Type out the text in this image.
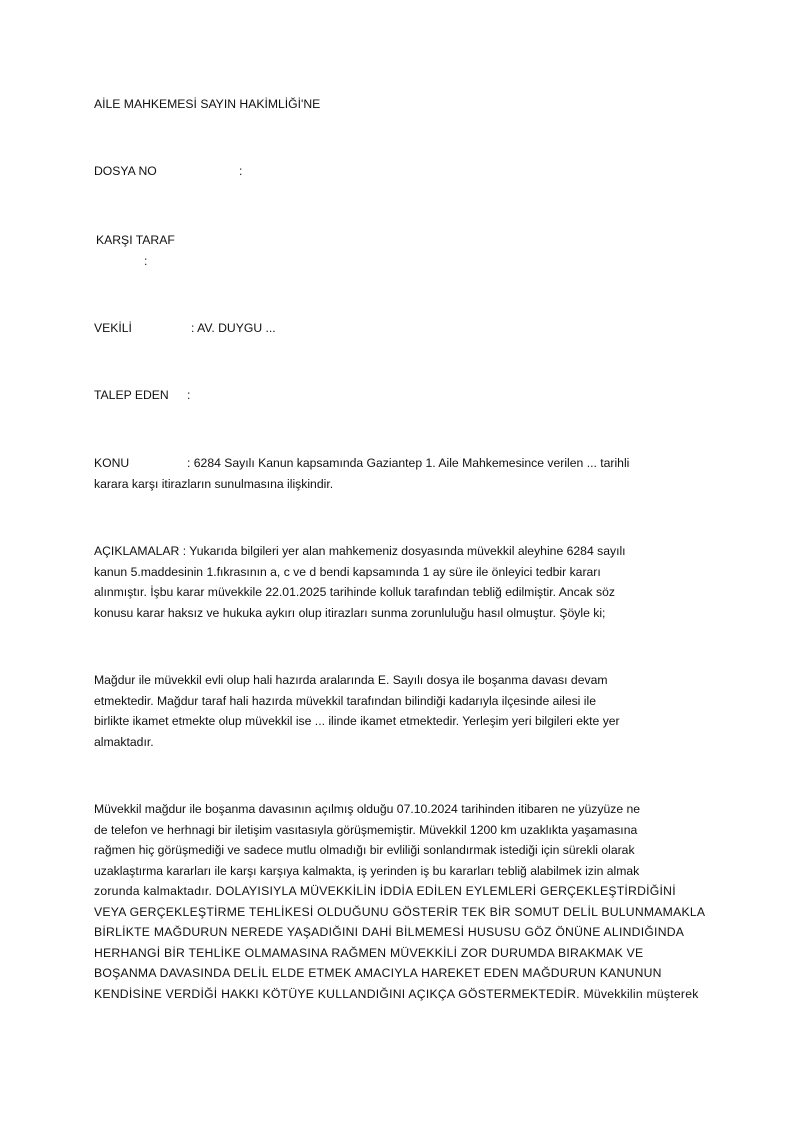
AİLE MAHKEMESİ SAYIN HAKİMLİĞİ'NE
DOSYA NO	:
KARŞI TARAF
:
VEKİLİ	: AV. DUYGU ...
TALEP EDEN :
KONU	: 6284 Sayılı Kanun kapsamında Gaziantep 1. Aile Mahkemesince verilen ... tarihli
karara karşı itirazların sunulmasına ilişkindir.
AÇIKLAMALAR : Yukarıda bilgileri yer alan mahkemeniz dosyasında müvekkil aleyhine 6284 sayılı
kanun 5.maddesinin 1.fıkrasının a, c ve d bendi kapsamında 1 ay süre ile önleyici tedbir kararı
alınmıştır. İşbu karar müvekkile 22.01.2025 tarihinde kolluk tarafından tebliğ edilmiştir. Ancak söz
konusu karar haksız ve hukuka aykırı olup itirazları sunma zorunluluğu hasıl olmuştur. Şöyle ki;
Mağdur ile müvekkil evli olup hali hazırda aralarında E. Sayılı dosya ile boşanma davası devam
etmektedir. Mağdur taraf hali hazırda müvekkil tarafından bilindiği kadarıyla ilçesinde ailesi ile
birlikte ikamet etmekte olup müvekkil ise ... ilinde ikamet etmektedir. Yerleşim yeri bilgileri ekte yer
almaktadır.
Müvekkil mağdur ile boşanma davasının açılmış olduğu 07.10.2024 tarihinden itibaren ne yüzyüze ne
de telefon ve herhnagi bir iletişim vasıtasıyla görüşmemiştir. Müvekkil 1200 km uzaklıkta yaşamasına
rağmen hiç görüşmediği ve sadece mutlu olmadığı bir evliliği sonlandırmak istediği için sürekli olarak
uzaklaştırma kararları ile karşı karşıya kalmakta, iş yerinden iş bu kararları tebliğ alabilmek izin almak
zorunda kalmaktadır. DOLAYISIYLA MÜVEKKİLİN İDDİA EDİLEN EYLEMLERİ GERÇEKLEŞTİRDİĞİNİ
VEYA GERÇEKLEŞTİRME TEHLİKESİ OLDUĞUNU GÖSTERİR TEK BİR SOMUT DELİL BULUNMAMAKLA
BİRLİKTE MAĞDURUN NEREDE YAŞADIĞINI DAHİ BİLMEMESİ HUSUSU GÖZ ÖNÜNE ALINDIĞINDA
HERHANGİ BİR TEHLİKE OLMAMASINA RAĞMEN MÜVEKKİLİ ZOR DURUMDA BIRAKMAK VE
BOŞANMA DAVASINDA DELİL ELDE ETMEK AMACIYLA HAREKET EDEN MAĞDURUN KANUNUN
KENDİSİNE VERDİĞİ HAKKI KÖTÜYE KULLANDIĞINI AÇIKÇA GÖSTERMEKTEDİR. Müvekkilin müşterek
